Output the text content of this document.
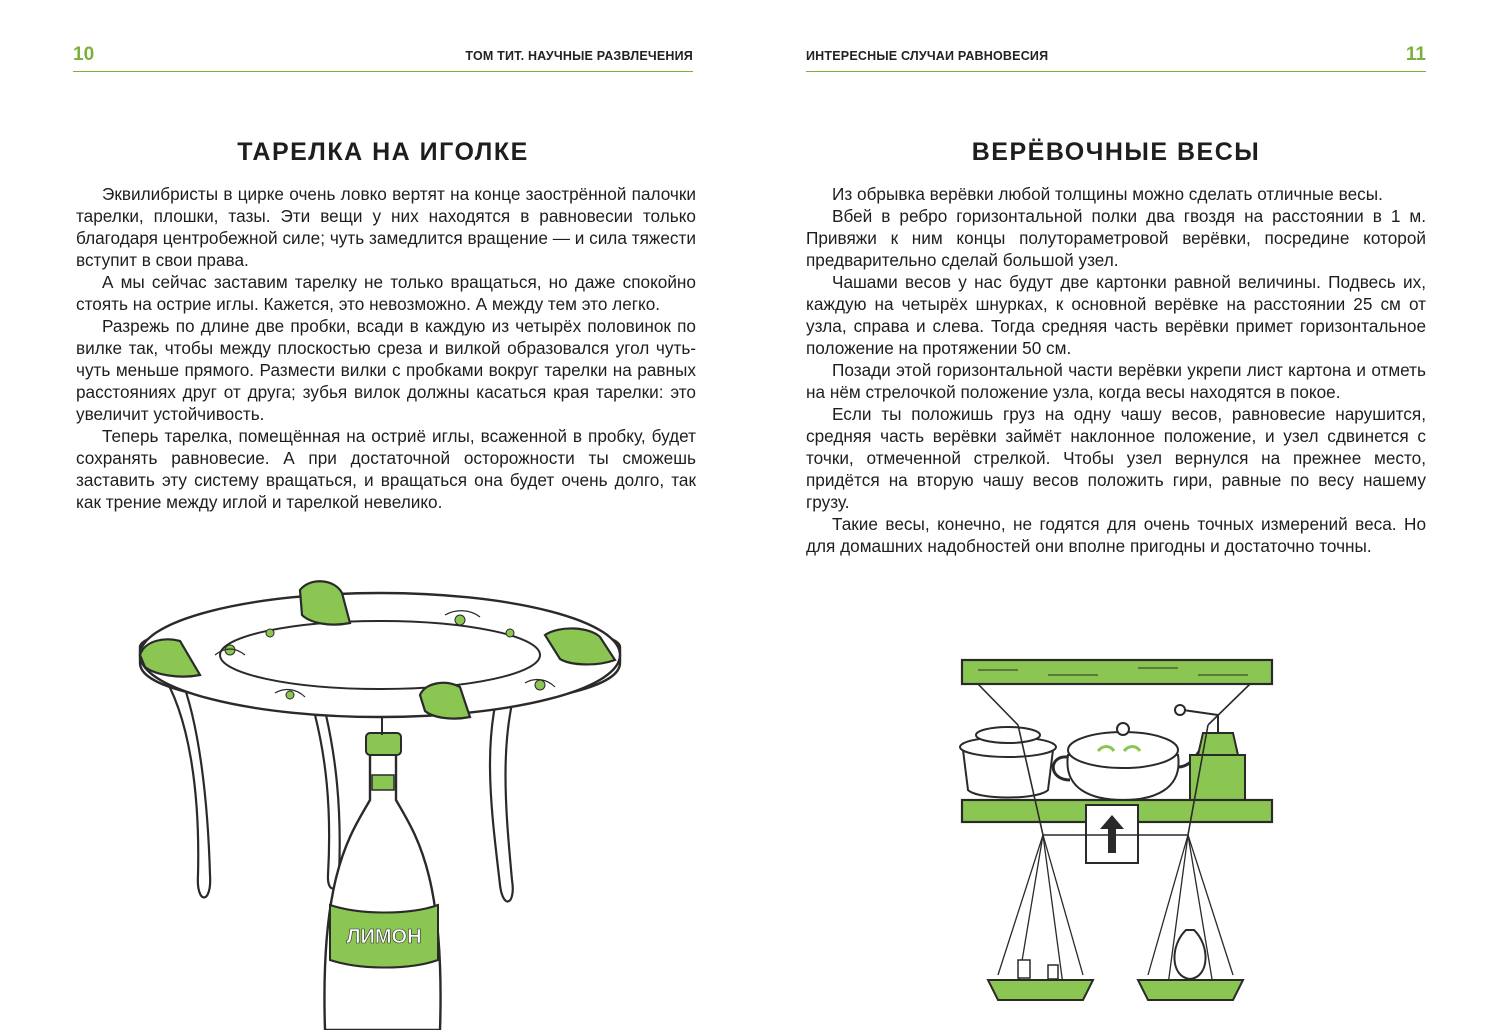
10	ТОМ ТИТ. НАУЧНЫЕ РАЗВЛЕЧЕНИЯ
ТАРЕЛКА НА ИГОЛКЕ

Эквилибристы в цирке очень ловко вертят на конце заострённой палочки тарелки, плошки, тазы. Эти вещи у них находятся в равновесии только благодаря центробежной силе; чуть замедлится вращение — и сила тяжести вступит в свои права.

А мы сейчас заставим тарелку не только вращаться, но даже спокойно стоять на острие иглы. Кажется, это невозможно. А между тем это легко.

Разрежь по длине две пробки, всади в каждую из четырёх половинок по вилке так, чтобы между плоскостью среза и вилкой образовался угол чуть-чуть меньше прямого. Размести вилки с пробками вокруг тарелки на равных расстояниях друг от друга; зубья вилок должны касаться края тарелки: это увеличит устойчивость.

Теперь тарелка, помещённая на остриё иглы, всаженной в пробку, будет сохранять равновесие. А при достаточной осторожности ты сможешь заставить эту систему вращаться, и вращаться она будет очень долго, так как трение между иглой и тарелкой невелико.

ЛИМОН
ИНТЕРЕСНЫЕ СЛУЧАИ РАВНОВЕСИЯ	11
ВЕРЁВОЧНЫЕ ВЕСЫ

Из обрывка верёвки любой толщины можно сделать отличные весы.

Вбей в ребро горизонтальной полки два гвоздя на расстоянии в 1 м. Привяжи к ним концы полутораметровой верёвки, посредине которой предварительно сделай большой узел.

Чашами весов у нас будут две картонки равной величины. Подвесь их, каждую на четырёх шнурках, к основной верёвке на расстоянии 25 см от узла, справа и слева. Тогда средняя часть верёвки примет горизонтальное положение на протяжении 50 см.

Позади этой горизонтальной части верёвки укрепи лист картона и отметь на нём стрелочкой положение узла, когда весы находятся в покое.

Если ты положишь груз на одну чашу весов, равновесие нарушится, средняя часть верёвки займёт наклонное положение, и узел сдвинется с точки, отмеченной стрелкой. Чтобы узел вернулся на прежнее место, придётся на вторую чашу весов положить гири, равные по весу нашему грузу.

Такие весы, конечно, не годятся для очень точных измерений веса. Но для домашних надобностей они вполне пригодны и достаточно точны.
